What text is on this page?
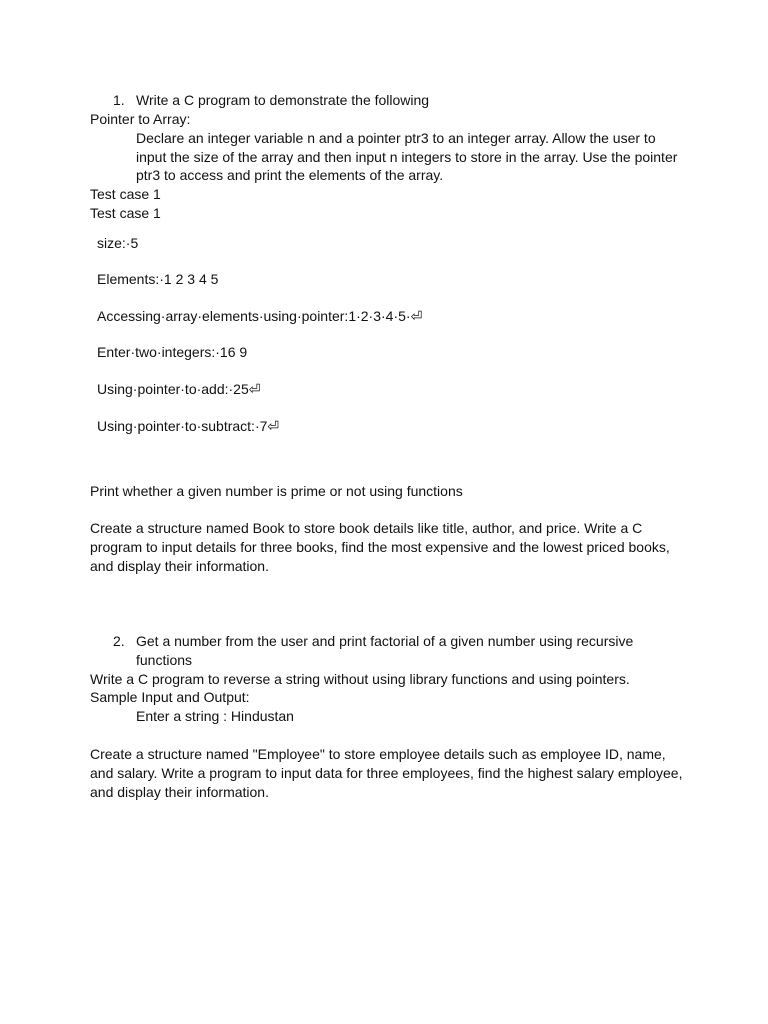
1. Write a C program to demonstrate the following
Pointer to Array:
Declare an integer variable n and a pointer ptr3 to an integer array. Allow the user to
input the size of the array and then input n integers to store in the array. Use the pointer
ptr3 to access and print the elements of the array.
Test case 1
Test case 1
size:·5
Elements:·1 2 3 4 5
Accessing·array·elements·using·pointer:1·2·3·4·5·⏎
Enter·two·integers:·16 9
Using·pointer·to·add:·25⏎
Using·pointer·to·subtract:·7⏎
Print whether a given number is prime or not using functions
Create a structure named Book to store book details like title, author, and price. Write a C
program to input details for three books, find the most expensive and the lowest priced books,
and display their information.
2. Get a number from the user and print factorial of a given number using recursive
functions
Write a C program to reverse a string without using library functions and using pointers.
Sample Input and Output:
Enter a string : Hindustan
Create a structure named "Employee" to store employee details such as employee ID, name,
and salary. Write a program to input data for three employees, find the highest salary employee,
and display their information.
